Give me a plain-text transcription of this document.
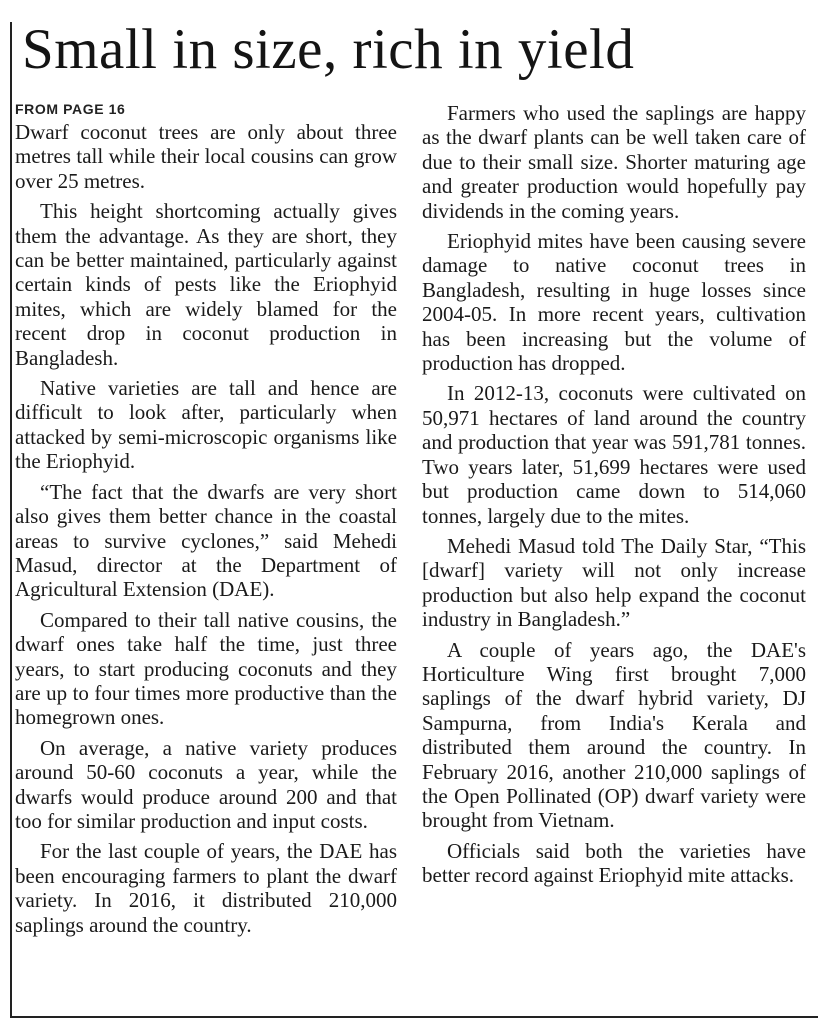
Small in size, rich in yield

FROM PAGE 16

Dwarf coconut trees are only about three metres tall while their local cousins can grow over 25 metres.

This height shortcoming actually gives them the advantage. As they are short, they can be better maintained, particularly against certain kinds of pests like the Eriophyid mites, which are widely blamed for the recent drop in coconut production in Bangladesh.

Native varieties are tall and hence are difficult to look after, particularly when attacked by semi-microscopic organisms like the Eriophyid.

“The fact that the dwarfs are very short also gives them better chance in the coastal areas to survive cyclones,” said Mehedi Masud, director at the Department of Agricultural Extension (DAE).

Compared to their tall native cousins, the dwarf ones take half the time, just three years, to start producing coconuts and they are up to four times more productive than the homegrown ones.

On average, a native variety produces around 50-60 coconuts a year, while the dwarfs would produce around 200 and that too for similar production and input costs.

For the last couple of years, the DAE has been encouraging farmers to plant the dwarf variety. In 2016, it distributed 210,000 saplings around the country.

Farmers who used the saplings are happy as the dwarf plants can be well taken care of due to their small size. Shorter maturing age and greater production would hopefully pay dividends in the coming years.

Eriophyid mites have been causing severe damage to native coconut trees in Bangladesh, resulting in huge losses since 2004-05. In more recent years, cultivation has been increasing but the volume of production has dropped.

In 2012-13, coconuts were cultivated on 50,971 hectares of land around the country and production that year was 591,781 tonnes. Two years later, 51,699 hectares were used but production came down to 514,060 tonnes, largely due to the mites.

Mehedi Masud told The Daily Star, “This [dwarf] variety will not only increase production but also help expand the coconut industry in Bangladesh.”

A couple of years ago, the DAE's Horticulture Wing first brought 7,000 saplings of the dwarf hybrid variety, DJ Sampurna, from India's Kerala and distributed them around the country. In February 2016, another 210,000 saplings of the Open Pollinated (OP) dwarf variety were brought from Vietnam.

Officials said both the varieties have better record against Eriophyid mite attacks.
